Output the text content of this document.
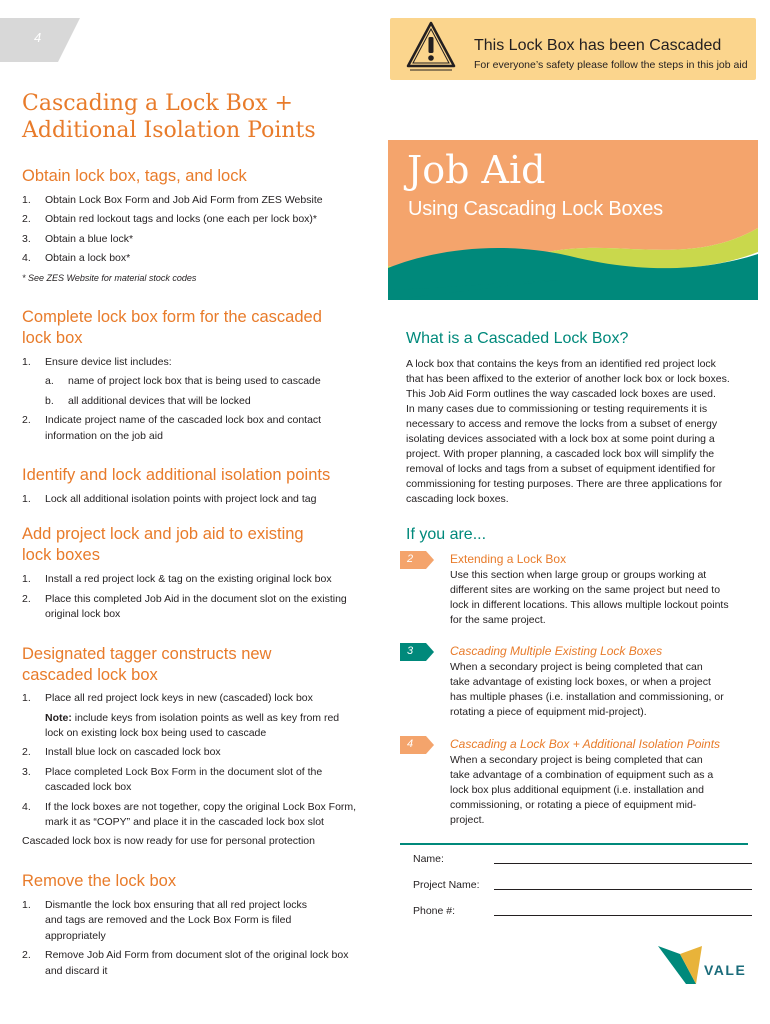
4	This Lock Box has been Cascaded
For everyone’s safety please follow the steps in this job aid
Cascading a Lock Box +
Additional Isolation Points
Job Aid
Using Cascading Lock Boxes
Obtain lock box, tags, and lock
1. Obtain Lock Box Form and Job Aid Form from ZES Website
2. Obtain red lockout tags and locks (one each per lock box)*
3. Obtain a blue lock*
4. Obtain a lock box*
* See ZES Website for material stock codes
Complete lock box form for the cascaded
lock box
1. Ensure device list includes:
a. name of project lock box that is being used to cascade
b. all additional devices that will be locked
2. Indicate project name of the cascaded lock box and contact
information on the job aid
Identify and lock additional isolation points
1. Lock all additional isolation points with project lock and tag
Add project lock and job aid to existing
lock boxes
1. Install a red project lock & tag on the existing original lock box
2. Place this completed Job Aid in the document slot on the existing
original lock box
Designated tagger constructs new
cascaded lock box
1. Place all red project lock keys in new (cascaded) lock box
Note: include keys from isolation points as well as key from red
lock on existing lock box being used to cascade
2. Install blue lock on cascaded lock box
3. Place completed Lock Box Form in the document slot of the
cascaded lock box
4. If the lock boxes are not together, copy the original Lock Box Form,
mark it as “COPY” and place it in the cascaded lock box slot
Cascaded lock box is now ready for use for personal protection
Remove the lock box
1. Dismantle the lock box ensuring that all red project locks
and tags are removed and the Lock Box Form is filed
appropriately
2. Remove Job Aid Form from document slot of the original lock box
and discard it
What is a Cascaded Lock Box?
A lock box that contains the keys from an identified red project lock
that has been affixed to the exterior of another lock box or lock boxes.
This Job Aid Form outlines the way cascaded lock boxes are used.
In many cases due to commissioning or testing requirements it is
necessary to access and remove the locks from a subset of energy
isolating devices associated with a lock box at some point during a
project. With proper planning, a cascaded lock box will simplify the
removal of locks and tags from a subset of equipment identified for
commissioning for testing purposes. There are three applications for
cascading lock boxes.
If you are...
2	Extending a Lock Box
Use this section when large group or groups working at
different sites are working on the same project but need to
lock in different locations. This allows multiple lockout points
for the same project.
3	Cascading Multiple Existing Lock Boxes
When a secondary project is being completed that can
take advantage of existing lock boxes, or when a project
has multiple phases (i.e. installation and commissioning, or
rotating a piece of equipment mid-project).
4	Cascading a Lock Box + Additional Isolation Points
When a secondary project is being completed that can
take advantage of a combination of equipment such as a
lock box plus additional equipment (i.e. installation and
commissioning, or rotating a piece of equipment mid-
project.
Name:
Project Name:
Phone #:
VALE
